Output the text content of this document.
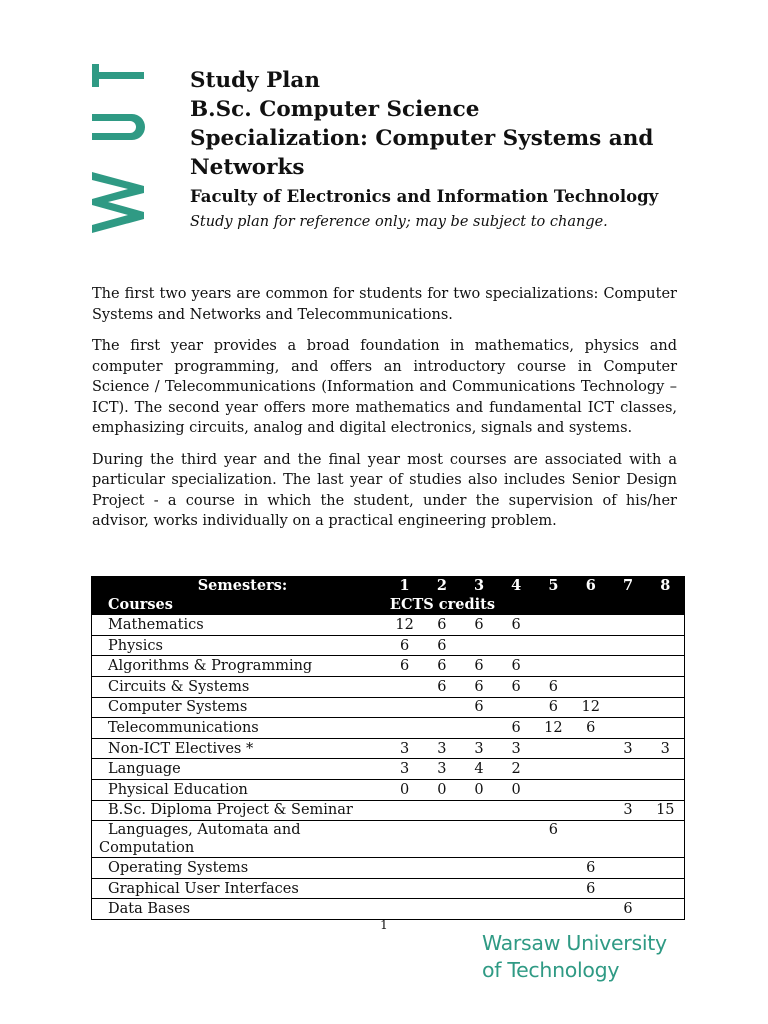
Study Plan
B.Sc. Computer Science
Specialization: Computer Systems and
Networks
Faculty of Electronics and Information Technology
Study plan for reference only; may be subject to change.

The first two years are common for students for two specializations: Computer Systems and Networks and Telecommunications.

The first year provides a broad foundation in mathematics, physics and computer programming, and offers an introductory course in Computer Science / Telecommunications (Information and Communications Technology – ICT). The second year offers more mathematics and fundamental ICT classes, emphasizing circuits, analog and digital electronics, signals and systems.

During the third year and the final year most courses are associated with a particular specialization. The last year of studies also includes Senior Design Project - a course in which the student, under the supervision of his/her advisor, works individually on a practical engineering problem.

Semesters:	1	2	3	4	5	6	7	8
Courses	ECTS credits							
Mathematics	12	6	6	6				
Physics	6	6						
Algorithms & Programming	6	6	6	6				
Circuits & Systems		6	6	6	6			
Computer Systems			6		6	12		
Telecommunications				6	12	6		
Non-ICT Electives *	3	3	3	3			3	3
Language	3	3	4	2				
Physical Education	0	0	0	0				
B.Sc. Diploma Project & Seminar							3	15

Languages, Automata and
Computation					6			
Operating Systems						6		
Graphical User Interfaces						6		
Data Bases							6	
1
Warsaw University
of Technology
